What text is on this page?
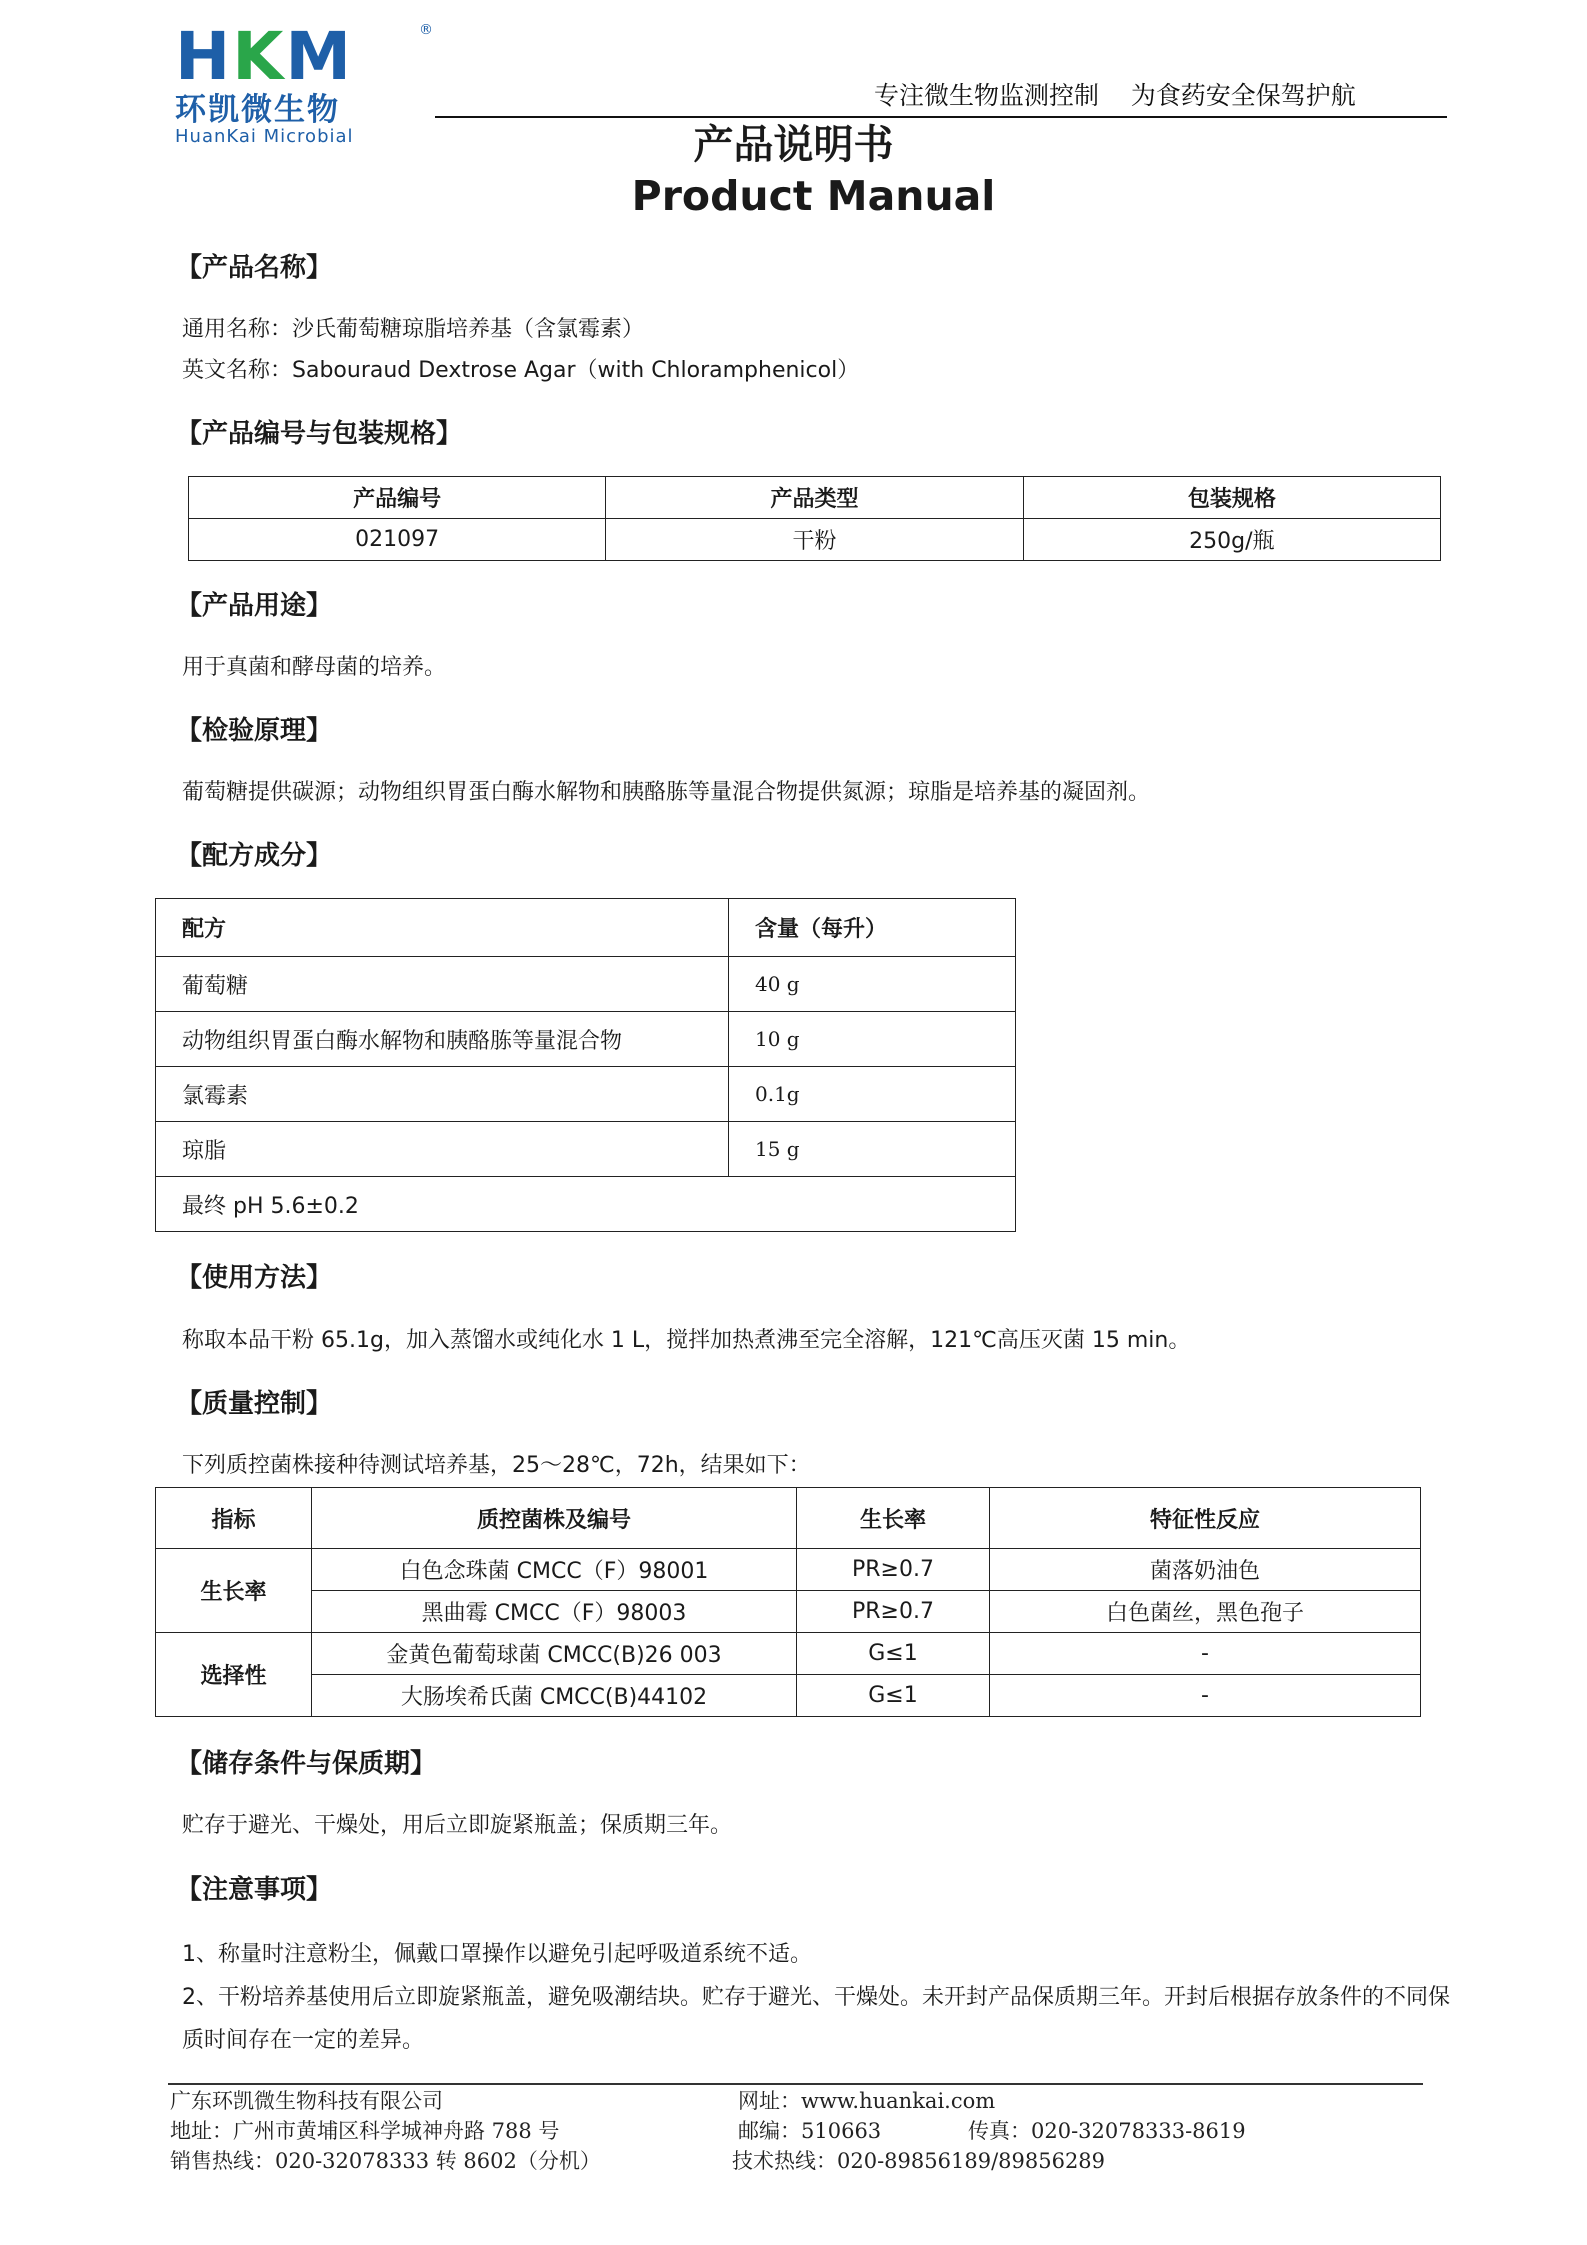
HKM	®
环凯微生物
HuanKai Microbial
专注微生物监测控制    为食药安全保驾护航
产品说明书
Product Manual
【产品名称】
通用名称：沙氏葡萄糖琼脂培养基（含氯霉素）
英文名称：Sabouraud Dextrose Agar（with Chloramphenicol）
【产品编号与包装规格】
产品编号	产品类型	包装规格
021097	干粉	250g/瓶
【产品用途】
用于真菌和酵母菌的培养。
【检验原理】
葡萄糖提供碳源；动物组织胃蛋白酶水解物和胰酪胨等量混合物提供氮源；琼脂是培养基的凝固剂。
【配方成分】
配方	含量（每升）
葡萄糖	40 g
动物组织胃蛋白酶水解物和胰酪胨等量混合物	10 g
氯霉素	0.1g
琼脂	15 g
最终 pH 5.6±0.2	
【使用方法】
称取本品干粉 65.1g，加入蒸馏水或纯化水 1 L，搅拌加热煮沸至完全溶解，121℃高压灭菌 15 min。
【质量控制】
下列质控菌株接种待测试培养基，25～28℃，72h，结果如下：
指标	质控菌株及编号	生长率	特征性反应
生长率	白色念珠菌 CMCC（F）98001	PR≥0.7	菌落奶油色
	黑曲霉 CMCC（F）98003	PR≥0.7	白色菌丝，黑色孢子
选择性	金黄色葡萄球菌 CMCC(B)26 003	G≤1	-
	大肠埃希氏菌 CMCC(B)44102	G≤1	-
【储存条件与保质期】
贮存于避光、干燥处，用后立即旋紧瓶盖；保质期三年。
【注意事项】

1、称量时注意粉尘，佩戴口罩操作以避免引起呼吸道系统不适。

2、干粉培养基使用后立即旋紧瓶盖，避免吸潮结块。贮存于避光、干燥处。未开封产品保质期三年。开封后根据存放条件的不同保质时间存在一定的差异。

广东环凯微生物科技有限公司
地址：广州市黄埔区科学城神舟路 788 号
销售热线：020-32078333 转 8602（分机）
网址：www.huankai.com
邮编：510663	传真：020-32078333-8619
技术热线：020-89856189/89856289
